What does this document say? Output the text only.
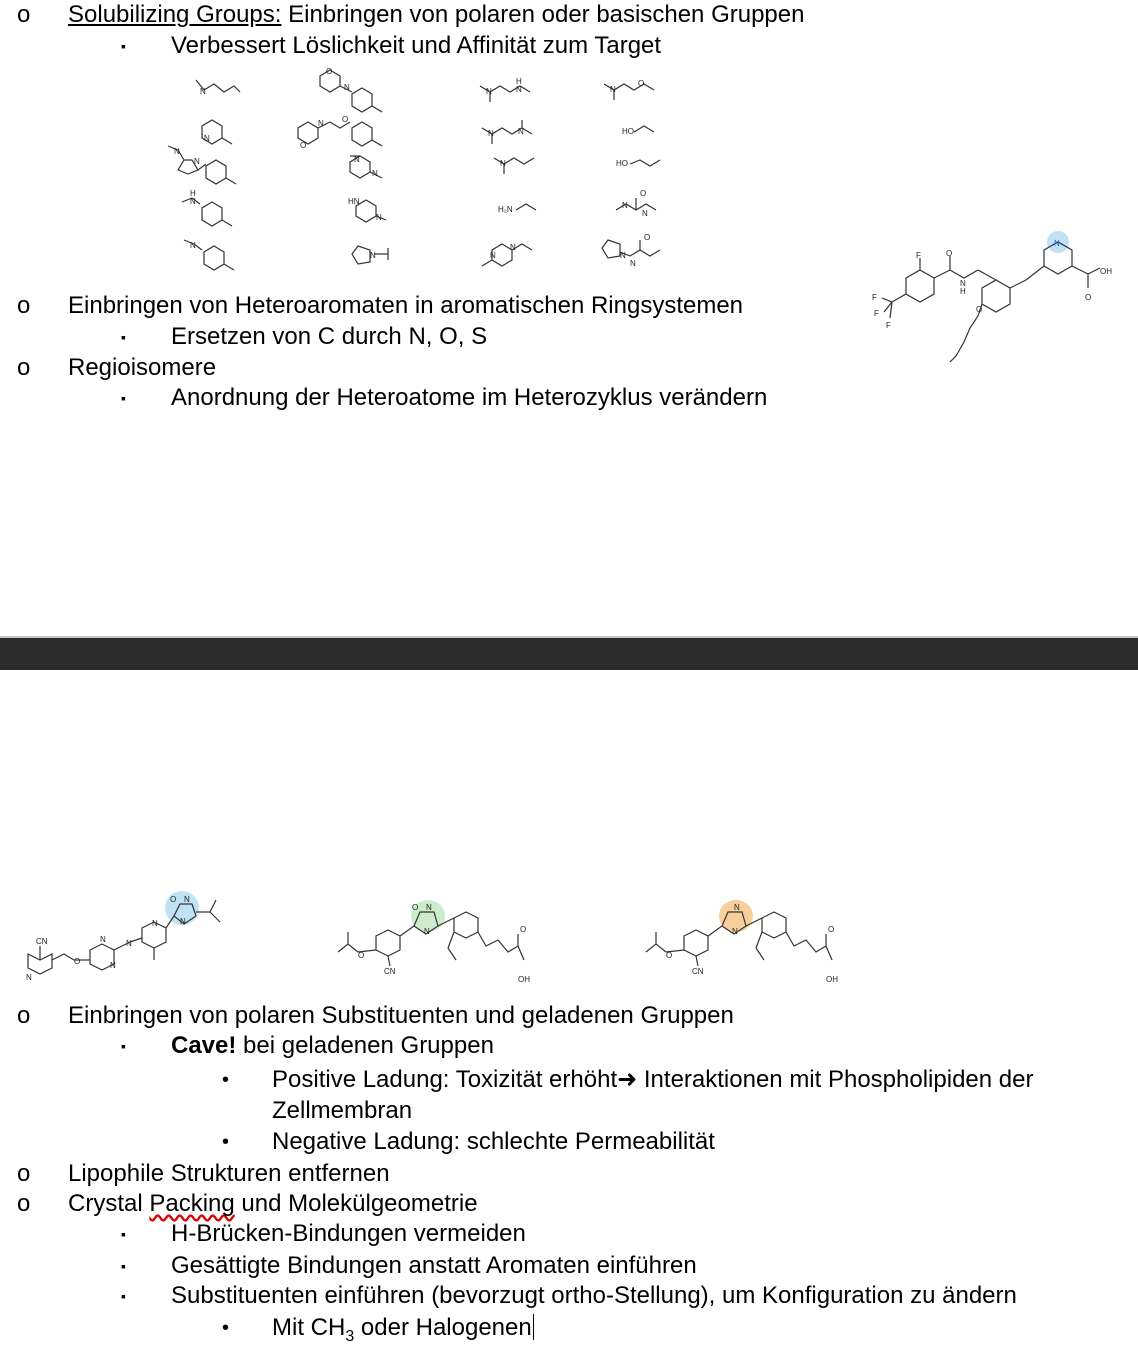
o Solubilizing Groups: Einbringen von polaren oder basischen Gruppen
▪ Verbessert Löslichkeit und Affinität zum Target
N
N
N
N
H
N
N
O
N
N O
O
N
N
HN
N
N
N
H
N
N	N
N
H₂N
N
N
N
O
HO
HO
N
O
N
N
O
N
o Einbringen von Heteroaromaten in aromatischen Ringsystemen
▪ Ersetzen von C durch N, O, S
o Regioisomere
▪ Anordnung der Heteroatome im Heterozyklus verändern
F	O
N
H
F
F
F
O
N
OH
O
CN
N
O
N
N
N
N
O N
N
O
CN
O N
N	O
OH
O
CN
N
N	O
OH
o Einbringen von polaren Substituenten und geladenen Gruppen
▪ Cave! bei geladenen Gruppen
• Positive Ladung: Toxizität erhöht➜ Interaktionen mit Phospholipiden der
Zellmembran
• Negative Ladung: schlechte Permeabilität
o Lipophile Strukturen entfernen
o Crystal Packing und Molekülgeometrie
▪ H-Brücken-Bindungen vermeiden
▪ Gesättigte Bindungen anstatt Aromaten einführen
▪ Substituenten einführen (bevorzugt ortho-Stellung), um Konfiguration zu ändern
• Mit $CH_3$ oder Halogenen
